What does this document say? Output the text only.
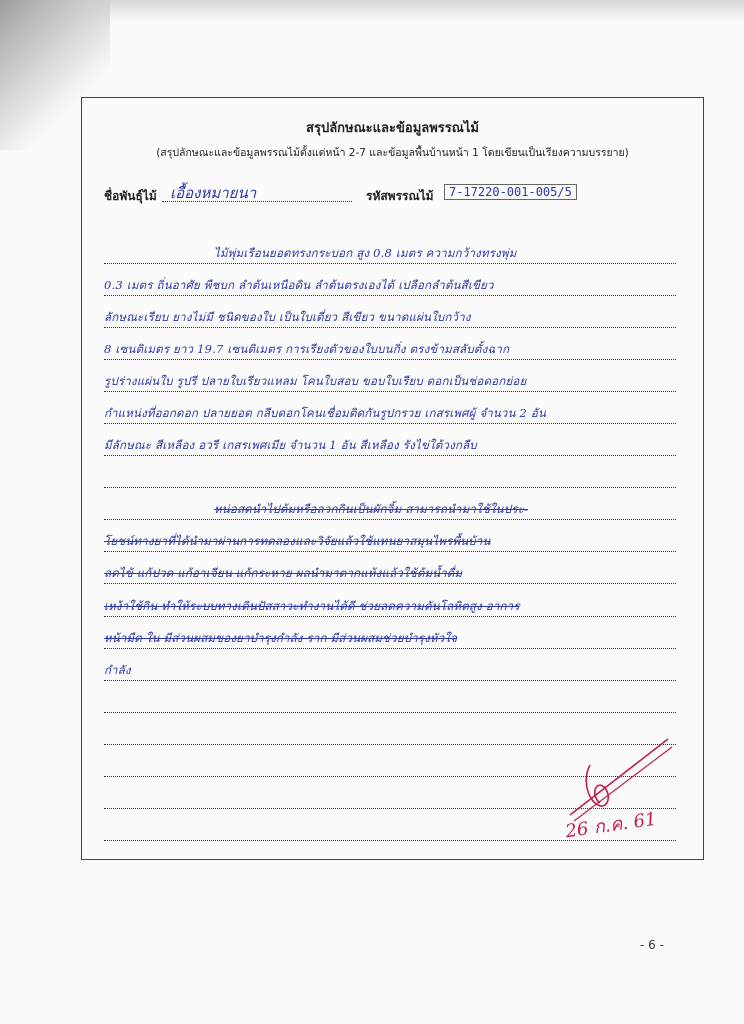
สรุปลักษณะและข้อมูลพรรณไม้
(สรุปลักษณะและข้อมูลพรรณไม้ตั้งแต่หน้า 2-7 และข้อมูลพื้นบ้านหน้า 1 โดยเขียนเป็นเรียงความบรรยาย)
ชื่อพันธุ์ไม้ เอื้องหมายนา	รหัสพรรณไม้	7-17220-001-005/5
ไม้พุ่มเรือนยอดทรงกระบอก สูง 0.8 เมตร ความกว้างทรงพุ่ม
0.3 เมตร ถิ่นอาศัย พืชบก ลำต้นเหนือดิน ลำต้นตรงเองได้ เปลือกลำต้นสีเขียว
ลักษณะเรียบ ยางไม่มี ชนิดของใบ เป็นใบเดี่ยว สีเขียว ขนาดแผ่นใบกว้าง
8 เซนติเมตร ยาว 19.7 เซนติเมตร การเรียงตัวของใบบนกิ่ง ตรงข้ามสลับตั้งฉาก
รูปร่างแผ่นใบ รูปรี ปลายใบเรียวแหลม โคนใบสอบ ขอบใบเรียบ ดอกเป็นช่อดอกย่อย
กำแหน่งที่ออกดอก ปลายยอด กลีบดอกโคนเชื่อมติดกันรูปกรวย เกสรเพศผู้ จำนวน 2 อัน
มีลักษณะ สีเหลือง อวรี เกสรเพศเมีย จำนวน 1 อัน สีเหลือง รังไข่ใต้วงกลีบ
หน่อสดนำไปต้มหรือลวกกินเป็นผักจิ้ม สามารถนำมาใช้ในประ-
โยชน์ทางยาที่ได้นำมาผ่านการทดลองและวิจัยแล้วใช้แทนยาสมุนไพรพื้นบ้าน
ลดไข้ แก้ปวด แก้อาเจียน แก้กระหาย ผลนำมาตากแห้งแล้วใช้ต้มน้ำดื่ม
เหง้าใช้กิน ทำให้ระบบทางเดินปัสสาวะทำงานได้ดี ช่วยลดความดันโลหิตสูง อาการ
หน้ามืด ใน มีส่วนผสมของยาบำรุงกำลัง ราก มีส่วนผสมช่วยบำรุงหัวใจ
กำลัง
26 ก.ค. 61
- 6 -
